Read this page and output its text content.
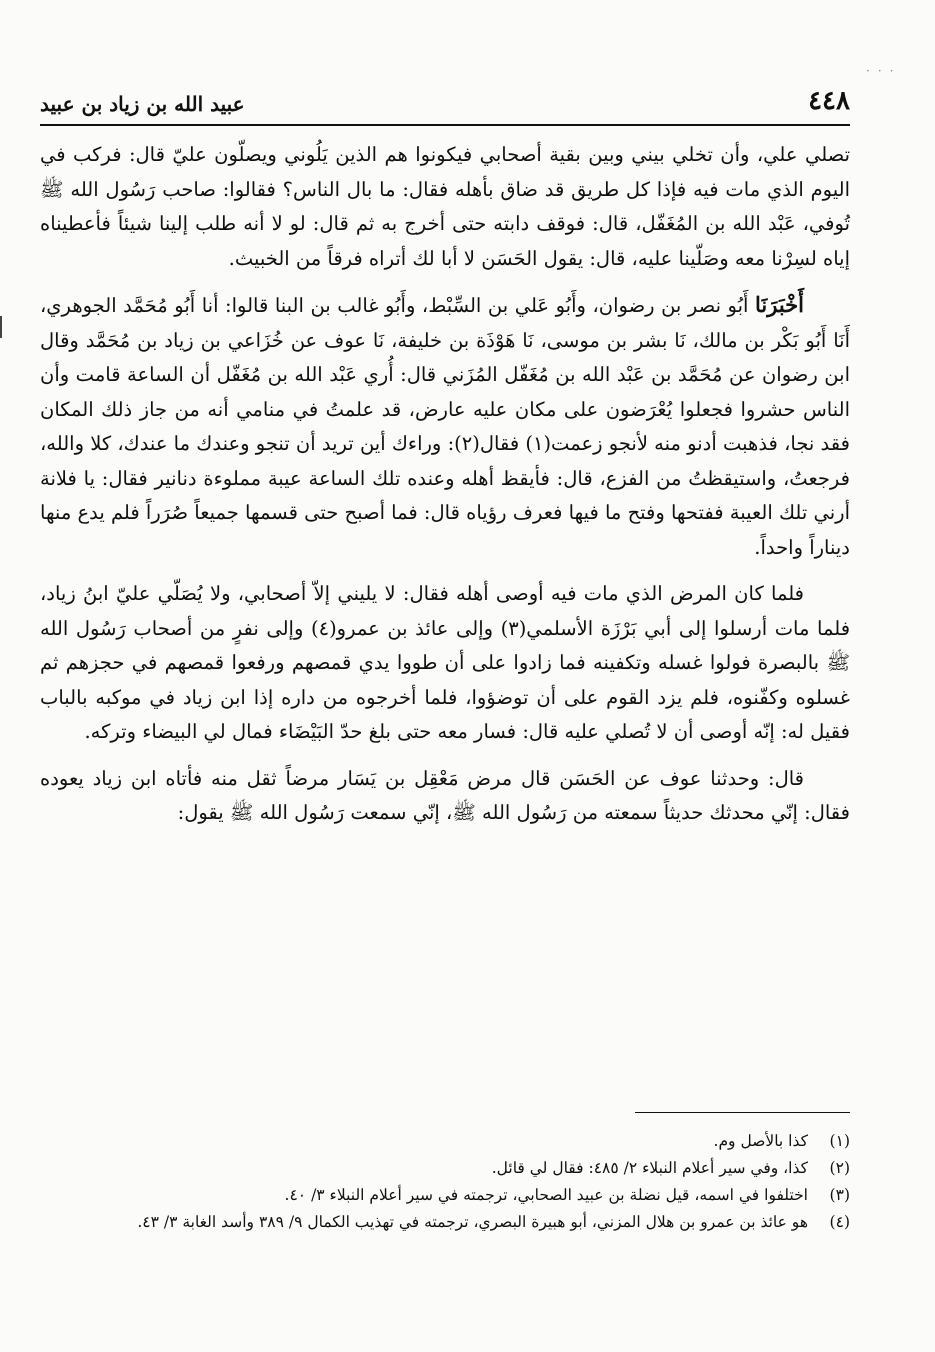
٤٤٨
عبيد الله بن زياد بن عبيد

تصلي علي، وأن تخلي بيني وبين بقية أصحابي فيكونوا هم الذين يَلُوني ويصلّون عليّ قال: فركب في اليوم الذي مات فيه فإذا كل طريق قد ضاق بأهله فقال: ما بال الناس؟ فقالوا: صاحب رَسُول الله ﷺ تُوفي، عَبْد الله بن المُغَفّل، قال: فوقف دابته حتى أخرج به ثم قال: لو لا أنه طلب إلينا شيئاً فأعطيناه إياه لسِرْنا معه وصَلّينا عليه، قال: يقول الحَسَن لا أبا لك أتراه فرقاً من الخبيث.

أَخْبَرَنَا أَبُو نصر بن رضوان، وأَبُو عَلي بن السِّبْط، وأَبُو غالب بن البنا قالوا: أنا أَبُو مُحَمَّد الجوهري، أَنَا أَبُو بَكْر بن مالك، نَا بشر بن موسى، نَا هَوْذَة بن خليفة، نَا عوف عن خُزَاعي بن زياد بن مُحَمَّد وقال ابن رضوان عن مُحَمَّد بن عَبْد الله بن مُغَفّل المُزَني قال: أُري عَبْد الله بن مُغَفّل أن الساعة قامت وأن الناس حشروا فجعلوا يُعْرَضون على مكان عليه عارض، قد علمتُ في منامي أنه من جاز ذلك المكان فقد نجا، فذهبت أدنو منه لأنجو زعمت(١) فقال(٢): وراءك أين تريد أن تنجو وعندك ما عندك، كلا والله، فرجعتُ، واستيقظتُ من الفزع، قال: فأيقظ أهله وعنده تلك الساعة عيبة مملوءة دنانير فقال: يا فلانة أرني تلك العيبة ففتحها وفتح ما فيها فعرف رؤياه قال: فما أصبح حتى قسمها جميعاً صُرَراً فلم يدع منها ديناراً واحداً.

فلما كان المرض الذي مات فيه أوصى أهله فقال: لا يليني إلاّ أصحابي، ولا يُصَلّي عليّ ابنُ زياد، فلما مات أرسلوا إلى أبي بَرْزَة الأسلمي(٣) وإلى عائذ بن عمرو(٤) وإلى نفرٍ من أصحاب رَسُول الله ﷺ بالبصرة فولوا غسله وتكفينه فما زادوا على أن طووا يدي قمصهم ورفعوا قمصهم في حجزهم ثم غسلوه وكفّنوه، فلم يزد القوم على أن توضؤوا، فلما أخرجوه من داره إذا ابن زياد في موكبه بالباب فقيل له: إنّه أوصى أن لا تُصلي عليه قال: فسار معه حتى بلغ حدّ البَيْضَاء فمال لي البيضاء وتركه.

قال: وحدثنا عوف عن الحَسَن قال مرض مَعْقِل بن يَسَار مرضاً ثقل منه فأتاه ابن زياد يعوده فقال: إنّي محدثك حديثاً سمعته من رَسُول الله ﷺ، إنّي سمعت رَسُول الله ﷺ يقول:

(١)
كذا بالأصل وم.
(٢)
كذا، وفي سير أعلام النبلاء ٢/ ٤٨٥: فقال لي قائل.
(٣)
اختلفوا في اسمه، قيل نضلة بن عبيد الصحابي، ترجمته في سير أعلام النبلاء ٣/ ٤٠.
(٤)
هو عائذ بن عمرو بن هلال المزني، أبو هبيرة البصري، ترجمته في تهذيب الكمال ٩/ ٣٨٩ وأسد الغابة ٣/ ٤٣.
···
